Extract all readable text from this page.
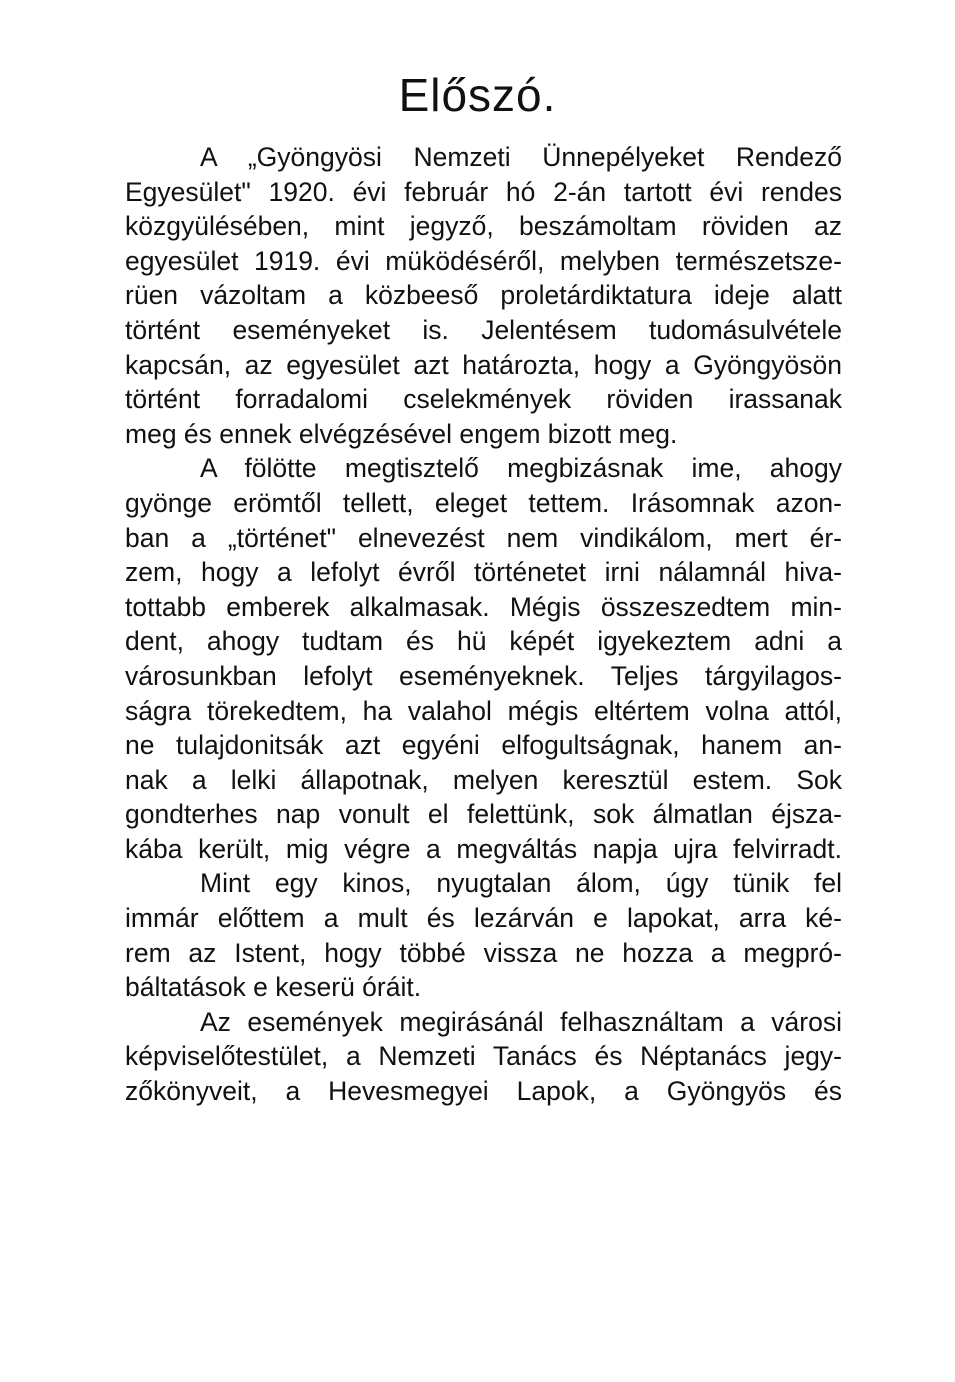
Előszó.

A „Gyöngyösi Nemzeti Ünnepélyeket Rendező
Egyesület" 1920. évi február hó 2-án tartott évi rendes
közgyülésében, mint jegyző, beszámoltam röviden az
egyesület 1919. évi müködéséről, melyben természetsze-
rüen vázoltam a közbeeső proletárdiktatura ideje alatt
történt eseményeket is. Jelentésem tudomásulvétele
kapcsán, az egyesület azt határozta, hogy a Gyöngyösön
történt forradalomi cselekmények röviden irassanak
meg és ennek elvégzésével engem bizott meg.

A fölötte megtisztelő megbizásnak ime, ahogy
gyönge erömtől tellett, eleget tettem. Irásomnak azon-
ban a „történet" elnevezést nem vindikálom, mert ér-
zem, hogy a lefolyt évről történetet irni nálamnál hiva-
tottabb emberek alkalmasak. Mégis összeszedtem min-
dent, ahogy tudtam és hü képét igyekeztem adni a
városunkban lefolyt eseményeknek. Teljes tárgyilagos-
ságra törekedtem, ha valahol mégis eltértem volna attól,
ne tulajdonitsák azt egyéni elfogultságnak, hanem an-
nak a lelki állapotnak, melyen keresztül estem. Sok
gondterhes nap vonult el felettünk, sok álmatlan éjsza-
kába került, mig végre a megváltás napja ujra felvirradt.

Mint egy kinos, nyugtalan álom, úgy tünik fel
immár előttem a mult és lezárván e lapokat, arra ké-
rem az Istent, hogy többé vissza ne hozza a megpró-
báltatások e keserü óráit.

Az események megirásánál felhasználtam a városi
képviselőtestület, a Nemzeti Tanács és Néptanács jegy-
zőkönyveit, a Hevesmegyei Lapok, a Gyöngyös és
